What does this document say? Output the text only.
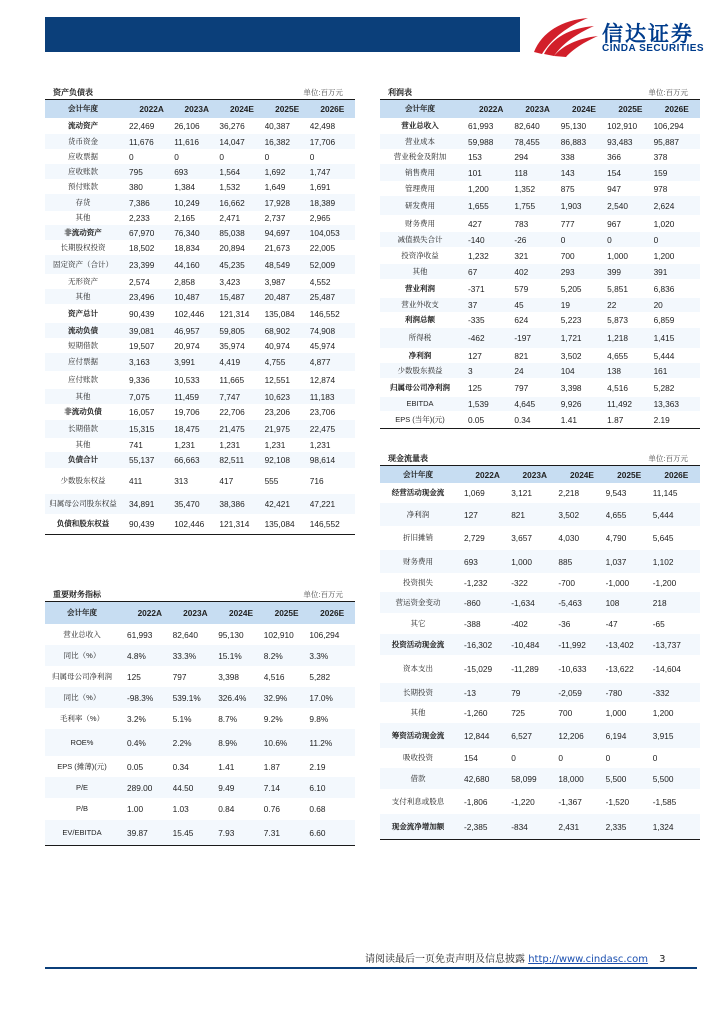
信达证券
CINDA SECURITIES
资产负债表	单位:百万元
会计年度	2022A	2023A	2024E	2025E	2026E
流动资产	22,469	26,106	36,276	40,387	42,498
货币资金	11,676	11,616	14,047	16,382	17,706
应收票据	0	0	0	0	0
应收账款	795	693	1,564	1,692	1,747
预付账款	380	1,384	1,532	1,649	1,691
存货	7,386	10,249	16,662	17,928	18,389
其他	2,233	2,165	2,471	2,737	2,965
非流动资产	67,970	76,340	85,038	94,697	104,053
长期股权投资	18,502	18,834	20,894	21,673	22,005
固定资产（合计）	23,399	44,160	45,235	48,549	52,009
无形资产	2,574	2,858	3,423	3,987	4,552
其他	23,496	10,487	15,487	20,487	25,487
资产总计	90,439	102,446	121,314	135,084	146,552
流动负债	39,081	46,957	59,805	68,902	74,908
短期借款	19,507	20,974	35,974	40,974	45,974
应付票据	3,163	3,991	4,419	4,755	4,877
应付账款	9,336	10,533	11,665	12,551	12,874
其他	7,075	11,459	7,747	10,623	11,183
非流动负债	16,057	19,706	22,706	23,206	23,706
长期借款	15,315	18,475	21,475	21,975	22,475
其他	741	1,231	1,231	1,231	1,231
负债合计	55,137	66,663	82,511	92,108	98,614
少数股东权益	411	313	417	555	716
归属母公司股东权益	34,891	35,470	38,386	42,421	47,221
负债和股东权益	90,439	102,446	121,314	135,084	146,552
利润表	单位:百万元
会计年度	2022A	2023A	2024E	2025E	2026E
营业总收入	61,993	82,640	95,130	102,910	106,294
营业成本	59,988	78,455	86,883	93,483	95,887
营业税金及附加	153	294	338	366	378
销售费用	101	118	143	154	159
管理费用	1,200	1,352	875	947	978
研发费用	1,655	1,755	1,903	2,540	2,624
财务费用	427	783	777	967	1,020
减值损失合计	-140	-26	0	0	0
投资净收益	1,232	321	700	1,000	1,200
其他	67	402	293	399	391
营业利润	-371	579	5,205	5,851	6,836
营业外收支	37	45	19	22	20
利润总额	-335	624	5,223	5,873	6,859
所得税	-462	-197	1,721	1,218	1,415
净利润	127	821	3,502	4,655	5,444
少数股东损益	3	24	104	138	161
归属母公司净利润	125	797	3,398	4,516	5,282
EBITDA	1,539	4,645	9,926	11,492	13,363
EPS (当年)(元)	0.05	0.34	1.41	1.87	2.19
重要财务指标	单位:百万元
会计年度	2022A	2023A	2024E	2025E	2026E
营业总收入	61,993	82,640	95,130	102,910	106,294
同比（%）	4.8%	33.3%	15.1%	8.2%	3.3%
归属母公司净利润	125	797	3,398	4,516	5,282
同比（%）	-98.3%	539.1%	326.4%	32.9%	17.0%
毛利率（%）	3.2%	5.1%	8.7%	9.2%	9.8%
ROE%	0.4%	2.2%	8.9%	10.6%	11.2%
EPS (摊薄)(元)	0.05	0.34	1.41	1.87	2.19
P/E	289.00	44.50	9.49	7.14	6.10
P/B	1.00	1.03	0.84	0.76	0.68
EV/EBITDA	39.87	15.45	7.93	7.31	6.60
现金流量表	单位:百万元
会计年度	2022A	2023A	2024E	2025E	2026E
经营活动现金流	1,069	3,121	2,218	9,543	11,145
净利润	127	821	3,502	4,655	5,444
折旧摊销	2,729	3,657	4,030	4,790	5,645
财务费用	693	1,000	885	1,037	1,102
投资损失	-1,232	-322	-700	-1,000	-1,200
营运资金变动	-860	-1,634	-5,463	108	218
其它	-388	-402	-36	-47	-65
投资活动现金流	-16,302	-10,484	-11,992	-13,402	-13,737
资本支出	-15,029	-11,289	-10,633	-13,622	-14,604
长期投资	-13	79	-2,059	-780	-332
其他	-1,260	725	700	1,000	1,200
筹资活动现金流	12,844	6,527	12,206	6,194	3,915
吸收投资	154	0	0	0	0
借款	42,680	58,099	18,000	5,500	5,500
支付利息或股息	-1,806	-1,220	-1,367	-1,520	-1,585
现金流净增加额	-2,385	-834	2,431	2,335	1,324
请阅读最后一页免责声明及信息披露 http://www.cindasc.com 3
